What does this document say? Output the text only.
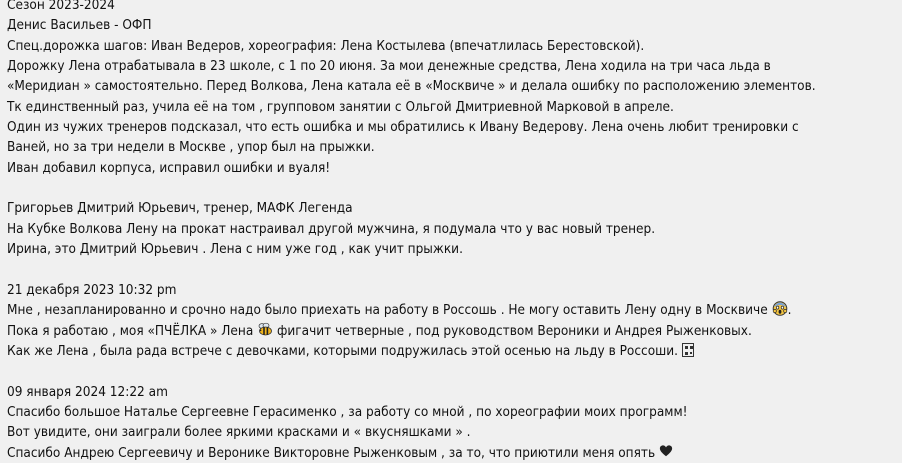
Сезон 2023-2024
Денис Васильев - ОФП
Спец.дорожка шагов: Иван Ведеров, хореография: Лена Костылева (впечатлилась Берестовской).
Дорожку Лена отрабатывала в 23 школе, с 1 по 20 июня. За мои денежные средства, Лена ходила на три часа льда в
«Меридиан » самостоятельно. Перед Волкова, Лена катала её в «Москвиче » и делала ошибку по расположению элементов.
Тк единственный раз, учила её на том , групповом занятии с Ольгой Дмитриевной Марковой в апреле.
Один из чужих тренеров подсказал, что есть ошибка и мы обратились к Ивану Ведерову. Лена очень любит тренировки с
Ваней, но за три недели в Москве , упор был на прыжки.
Иван добавил корпуса, исправил ошибки и вуаля!
Григорьев Дмитрий Юрьевич, тренер, МАФК Легенда
На Кубке Волкова Лену на прокат настраивал другой мужчина, я подумала что у вас новый тренер.
Ирина, это Дмитрий Юрьевич . Лена с ним уже год , как учит прыжки.
21 декабря 2023 10:32 pm
Мне , незапланированно и срочно надо было приехать на работу в Россошь . Не могу оставить Лену одну в Москвиче .
Пока я работаю , моя «ПЧЁЛКА » Лена фигачит четверные , под руководством Вероники и Андрея Рыженковых.
Как же Лена , была рада встрече с девочками, которыми подружилась этой осенью на льду в Россоши.
09 января 2024 12:22 am
Спасибо большое Наталье Сергеевне Герасименко , за работу со мной , по хореографии моих программ!
Вот увидите, они заиграли более яркими красками и « вкусняшками » .
Спасибо Андрею Сергеевичу и Веронике Викторовне Рыженковым , за то, что приютили меня опять
